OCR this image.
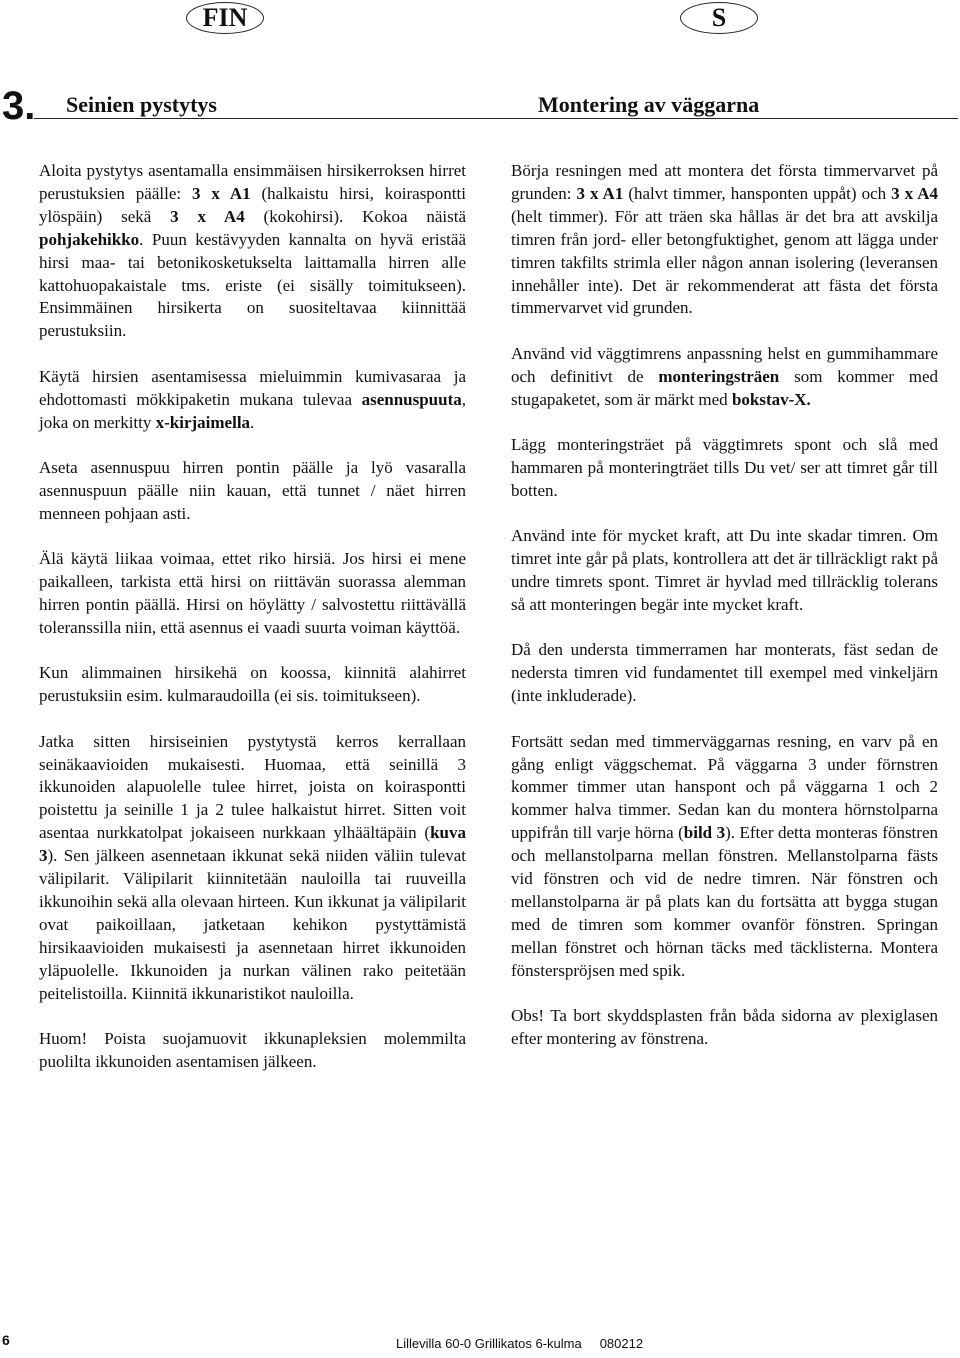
FIN	S
3. Seinien pystytys	Montering av väggarna

Aloita pystytys asentamalla ensimmäisen hirsikerroksen hirret perustuksien päälle: 3 x A1 (halkaistu hirsi, koiraspontti ylöspäin) sekä 3 x A4 (kokohirsi). Kokoa näistä pohjakehikko. Puun kestävyyden kannalta on hyvä eristää hirsi maa- tai betonikosketukselta laittamalla hirren alle kattohuopakaistale tms. eriste (ei sisälly toimitukseen). Ensimmäinen hirsikerta on suositeltavaa kiinnittää perustuksiin.

Käytä hirsien asentamisessa mieluimmin kumivasaraa ja ehdottomasti mökkipaketin mukana tulevaa asennuspuuta, joka on merkitty x-kirjaimella.

Aseta asennuspuu hirren pontin päälle ja lyö vasaralla asennuspuun päälle niin kauan, että tunnet / näet hirren menneen pohjaan asti.

Älä käytä liikaa voimaa, ettet riko hirsiä. Jos hirsi ei mene paikalleen, tarkista että hirsi on riittävän suorassa alemman hirren pontin päällä. Hirsi on höylätty / salvostettu riittävällä toleranssilla niin, että asennus ei vaadi suurta voiman käyttöä.

Kun alimmainen hirsikehä on koossa, kiinnitä alahirret perustuksiin esim. kulmaraudoilla (ei sis. toimitukseen).

Jatka sitten hirsiseinien pystytystä kerros kerrallaan seinäkaavioiden mukaisesti. Huomaa, että seinillä 3 ikkunoiden alapuolelle tulee hirret, joista on koiraspontti poistettu ja seinille 1 ja 2 tulee halkaistut hirret. Sitten voit asentaa nurkkatolpat jokaiseen nurkkaan ylhäältäpäin (kuva 3). Sen jälkeen asennetaan ikkunat sekä niiden väliin tulevat välipilarit. Välipilarit kiinnitetään nauloilla tai ruuveilla ikkunoihin sekä alla olevaan hirteen. Kun ikkunat ja välipilarit ovat paikoillaan, jatketaan kehikon pystyttämistä hirsikaavioiden mukaisesti ja asennetaan hirret ikkunoiden yläpuolelle. Ikkunoiden ja nurkan välinen rako peitetään peitelistoilla. Kiinnitä ikkunaristikot nauloilla.

Huom! Poista suojamuovit ikkunapleksien molemmilta puolilta ikkunoiden asentamisen jälkeen.

Börja resningen med att montera det första timmervarvet på grunden: 3 x A1 (halvt timmer, hansponten uppåt) och 3 x A4 (helt timmer). För att träen ska hållas är det bra att avskilja timren från jord- eller betongfuktighet, genom att lägga under timren takfilts strimla eller någon annan isolering (leveransen innehåller inte). Det är rekommenderat att fästa det första timmervarvet vid grunden.

Använd vid väggtimrens anpassning helst en gummihammare och definitivt de monteringsträen som kommer med stugapaketet, som är märkt med bokstav-X.

Lägg monteringsträet på väggtimrets spont och slå med hammaren på monteringträet tills Du vet/ ser att timret går till botten.

Använd inte för mycket kraft, att Du inte skadar timren. Om timret inte går på plats, kontrollera att det är tillräckligt rakt på undre timrets spont. Timret är hyvlad med tillräcklig tolerans så att monteringen begär inte mycket kraft.

Då den understa timmerramen har monterats, fäst sedan de nedersta timren vid fundamentet till exempel med vinkeljärn (inte inkluderade).

Fortsätt sedan med timmerväggarnas resning, en varv på en gång enligt väggschemat. På väggarna 3 under förnstren kommer timmer utan hanspont och på väggarna 1 och 2 kommer halva timmer. Sedan kan du montera hörnstolparna uppifrån till varje hörna (bild 3). Efter detta monteras fönstren och mellanstolparna mellan fönstren. Mellanstolparna fästs vid fönstren och vid de nedre timren. När fönstren och mellanstolparna är på plats kan du fortsätta att bygga stugan med de timren som kommer ovanför fönstren. Springan mellan fönstret och hörnan täcks med täcklisterna. Montera fönsterspröjsen med spik.

Obs! Ta bort skyddsplasten från båda sidorna av plexiglasen efter montering av fönstrena.

6	Lillevilla 60-0 Grillikatos 6-kulma 080212
